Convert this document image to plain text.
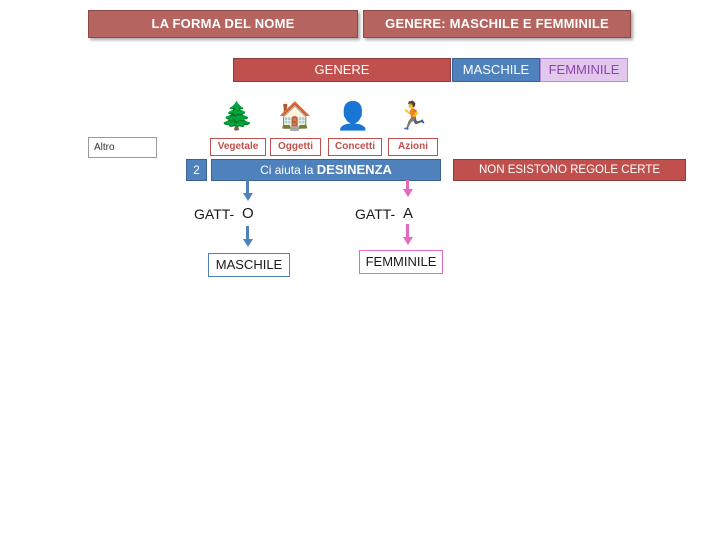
LA FORMA DEL NOME	GENERE: MASCHILE E FEMMINILE
GENERE	MASCHILE	FEMMINILE
🌲 🏠 👤 🏃
Vegetale	Oggetti	Concetti	Azioni
Altro
2	Ci aiuta la DESINENZA	NON ESISTONO REGOLE CERTE
GATT- O	GATT- A
MASCHILE	FEMMINILE
